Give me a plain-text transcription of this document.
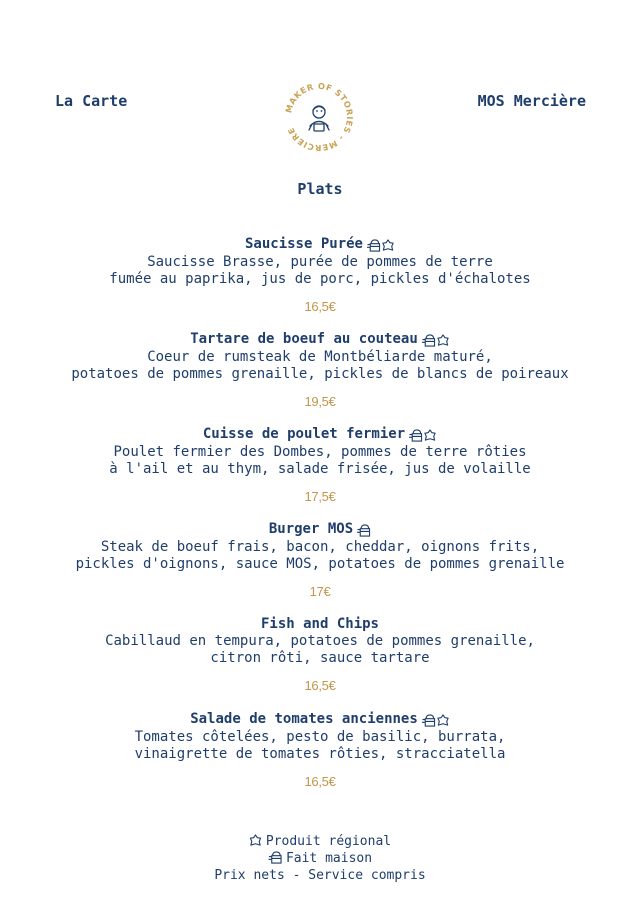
La Carte	MAKER OF STORIES - MERCIERE
MOS Mercière
Plats
Saucisse Purée
Saucisse Brasse, purée de pommes de terre
fumée au paprika, jus de porc, pickles d'échalotes
16,5€
Tartare de boeuf au couteau
Coeur de rumsteak de Montbéliarde maturé,
potatoes de pommes grenaille, pickles de blancs de poireaux
19,5€
Cuisse de poulet fermier
Poulet fermier des Dombes, pommes de terre rôties
à l'ail et au thym, salade frisée, jus de volaille
17,5€
Burger MOS
Steak de boeuf frais, bacon, cheddar, oignons frits,
pickles d'oignons, sauce MOS, potatoes de pommes grenaille
17€
Fish and Chips
Cabillaud en tempura, potatoes de pommes grenaille,
citron rôti, sauce tartare
16,5€
Salade de tomates anciennes
Tomates côtelées, pesto de basilic, burrata,
vinaigrette de tomates rôties, stracciatella
16,5€
Produit régional
Fait maison
Prix nets - Service compris
